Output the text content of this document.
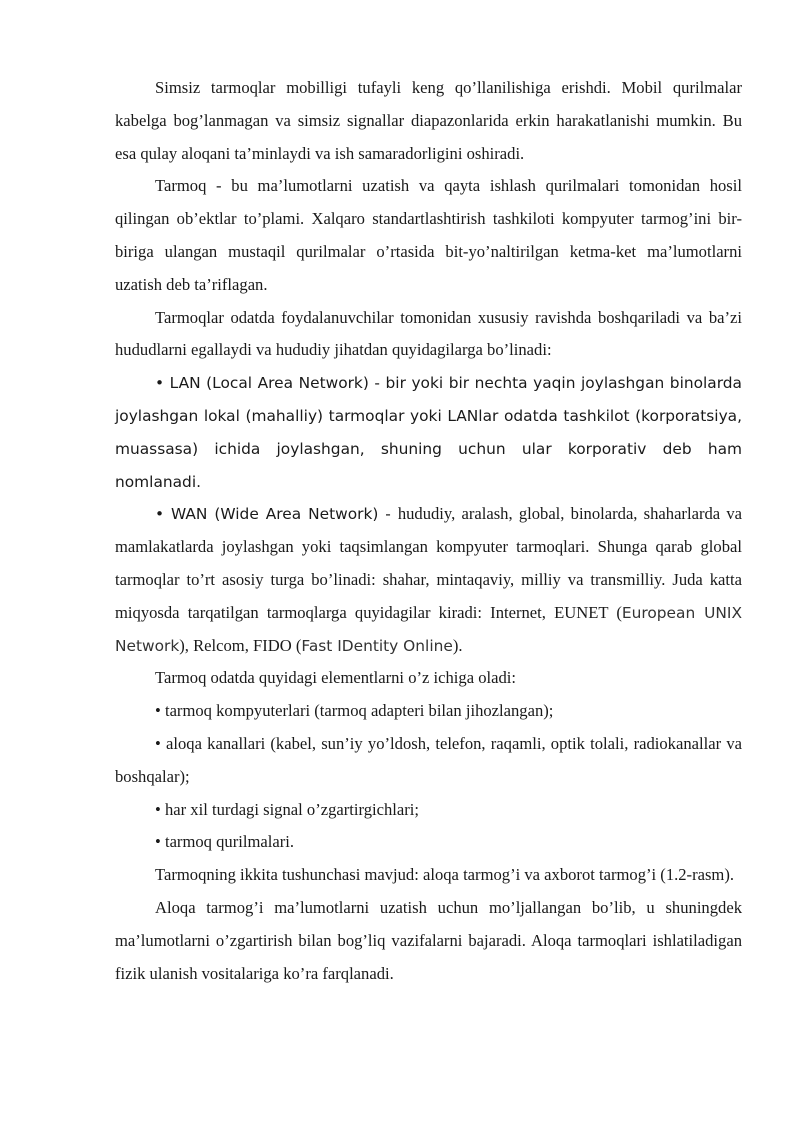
Simsiz tarmoqlar mobilligi tufayli keng qo’llanilishiga erishdi. Mobil qurilmalar kabelga bog’lanmagan va simsiz signallar diapazonlarida erkin harakatlanishi mumkin. Bu esa qulay aloqani ta’minlaydi va ish samaradorligini oshiradi.

Tarmoq - bu ma’lumotlarni uzatish va qayta ishlash qurilmalari tomonidan hosil qilingan ob’ektlar to’plami. Xalqaro standartlashtirish tashkiloti kompyuter tarmog’ini bir-biriga ulangan mustaqil qurilmalar o’rtasida bit-yo’naltirilgan ketma-ket ma’lumotlarni uzatish deb ta’riflagan.

Tarmoqlar odatda foydalanuvchilar tomonidan xususiy ravishda boshqariladi va ba’zi hududlarni egallaydi va hududiy jihatdan quyidagilarga bo’linadi:

• LAN (Local Area Network) - bir yoki bir nechta yaqin joylashgan binolarda joylashgan lokal (mahalliy) tarmoqlar yoki LANlar odatda tashkilot (korporatsiya, muassasa) ichida joylashgan, shuning uchun ular korporativ deb ham nomlanadi.

• WAN (Wide Area Network) - hududiy, aralash, global, binolarda, shaharlarda va mamlakatlarda joylashgan yoki taqsimlangan kompyuter tarmoqlari. Shunga qarab global tarmoqlar to’rt asosiy turga bo’linadi: shahar, mintaqaviy, milliy va transmilliy. Juda katta miqyosda tarqatilgan tarmoqlarga quyidagilar kiradi: Internet, EUNET (European UNIX Network), Relcom, FIDO (Fast IDentity Online).

Tarmoq odatda quyidagi elementlarni o’z ichiga oladi:

• tarmoq kompyuterlari (tarmoq adapteri bilan jihozlangan);

• aloqa kanallari (kabel, sun’iy yo’ldosh, telefon, raqamli, optik tolali, radiokanallar va boshqalar);

• har xil turdagi signal o’zgartirgichlari;

• tarmoq qurilmalari.

Tarmoqning ikkita tushunchasi mavjud: aloqa tarmog’i va axborot tarmog’i (1.2-rasm).

Aloqa tarmog’i ma’lumotlarni uzatish uchun mo’ljallangan bo’lib, u shuningdek ma’lumotlarni o’zgartirish bilan bog’liq vazifalarni bajaradi. Aloqa tarmoqlari ishlatiladigan fizik ulanish vositalariga ko’ra farqlanadi.
